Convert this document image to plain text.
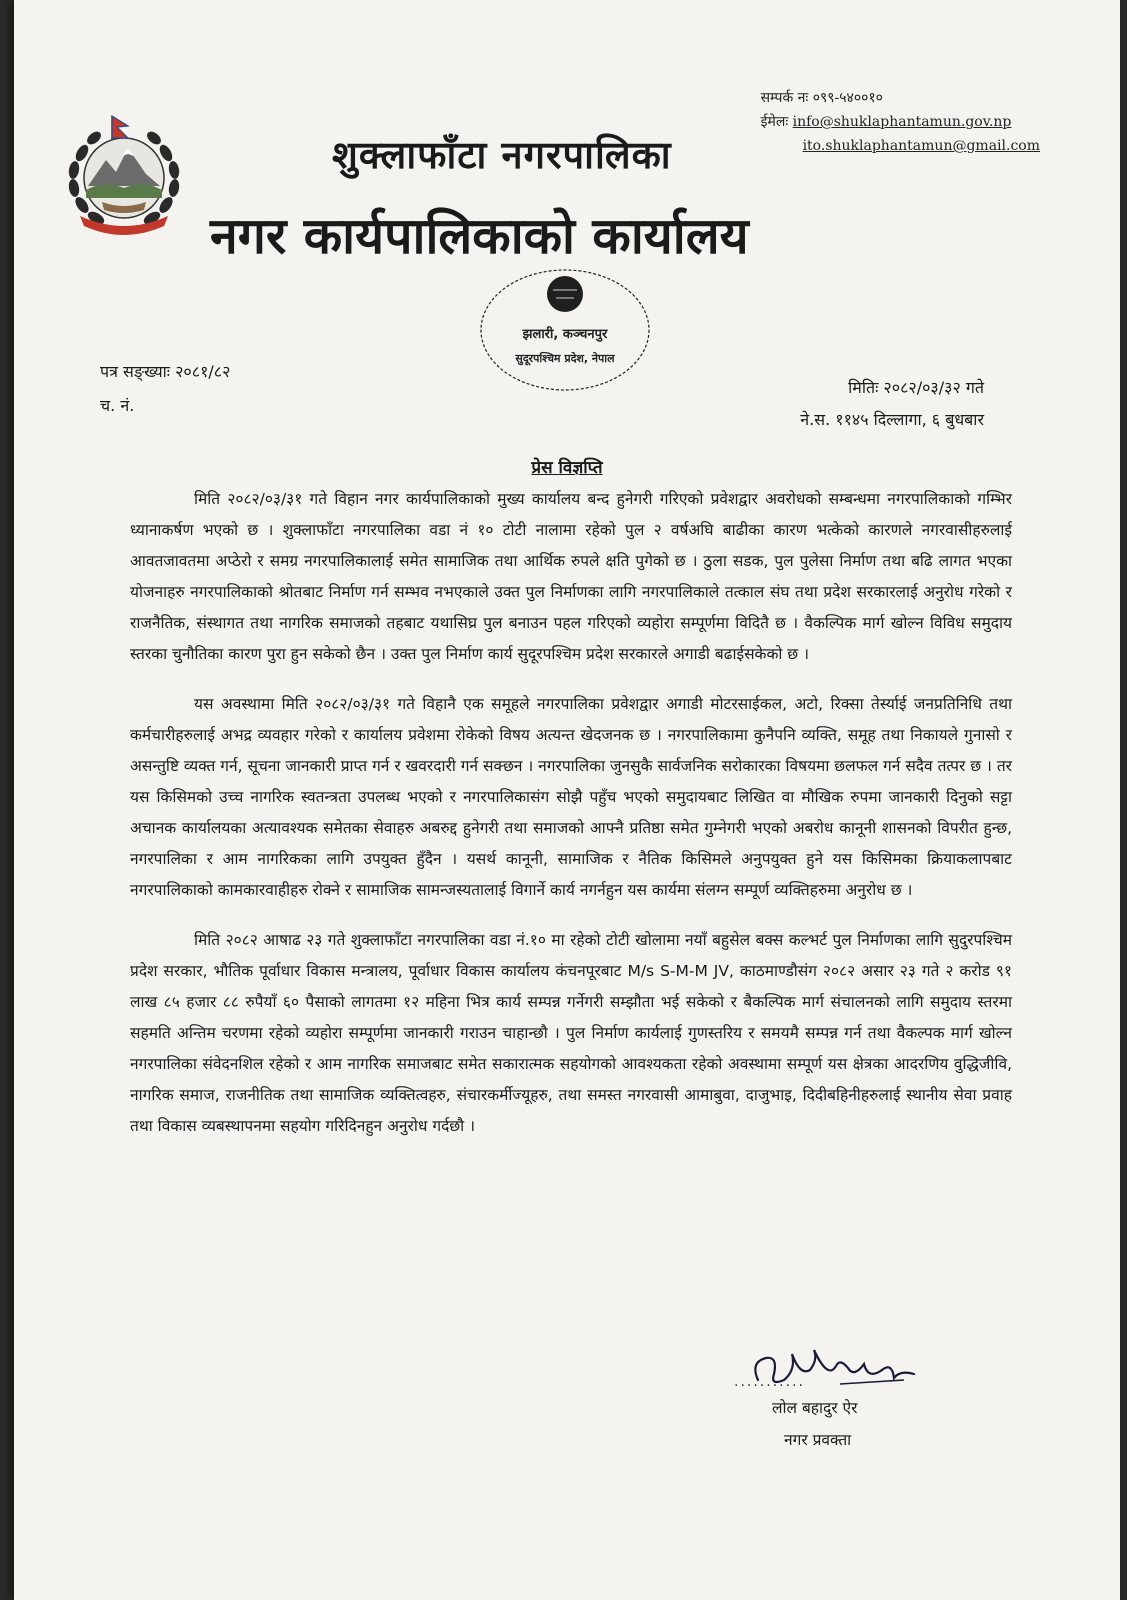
सम्पर्क नः ०९९-५४००१०
ईमेलः info@shuklaphantamun.gov.np
ito.shuklaphantamun@gmail.com
शुक्लाफाँटा नगरपालिका
नगर कार्यपालिकाको कार्यालय
झलारी, कञ्चनपुर
सुदूरपश्चिम प्रदेश, नेपाल
पत्र सङ्ख्याः २०८१/८२
च. नं.
मितिः २०८२/०३/३२ गते
ने.स. ११४५ दिल्लागा, ६ बुधबार
प्रेस विज्ञप्ति

मिति २०८२/०३/३१ गते विहान नगर कार्यपालिकाको मुख्य कार्यालय बन्द हुनेगरी गरिएको प्रवेशद्वार अवरोधको सम्बन्धमा नगरपालिकाको गम्भिर ध्यानाकर्षण भएको छ । शुक्लाफाँटा नगरपालिका वडा नं १० टोटी नालामा रहेको पुल २ वर्षअघि बाढीका कारण भत्केको कारणले नगरवासीहरुलाई आवतजावतमा अप्ठेरो र समग्र नगरपालिकालाई समेत सामाजिक तथा आर्थिक रुपले क्षति पुगेको छ । ठुला सडक, पुल पुलेसा निर्माण तथा बढि लागत भएका योजनाहरु नगरपालिकाको श्रोतबाट निर्माण गर्न सम्भव नभएकाले उक्त पुल निर्माणका लागि नगरपालिकाले तत्काल संघ तथा प्रदेश सरकारलाई अनुरोध गरेको र राजनैतिक, संस्थागत तथा नागरिक समाजको तहबाट यथासिघ्र पुल बनाउन पहल गरिएको व्यहोरा सम्पूर्णमा विदितै छ । वैकल्पिक मार्ग खोल्न विविध समुदाय स्तरका चुनौतिका कारण पुरा हुन सकेको छैन । उक्त पुल निर्माण कार्य सुदूरपश्चिम प्रदेश सरकारले अगाडी बढाईसकेको छ ।

यस अवस्थामा मिति २०८२/०३/३१ गते विहानै एक समूहले नगरपालिका प्रवेशद्वार अगाडी मोटरसाईकल, अटो, रिक्सा तेर्स्याई जनप्रतिनिधि तथा कर्मचारीहरुलाई अभद्र व्यवहार गरेको र कार्यालय प्रवेशमा रोकेको विषय अत्यन्त खेदजनक छ । नगरपालिकामा कुनैपनि व्यक्ति, समूह तथा निकायले गुनासो र असन्तुष्टि व्यक्त गर्न, सूचना जानकारी प्राप्त गर्न र खवरदारी गर्न सक्छन । नगरपालिका जुनसुकै सार्वजनिक सरोकारका विषयमा छलफल गर्न सदैव तत्पर छ । तर यस किसिमको उच्च नागरिक स्वतन्त्रता उपलब्ध भएको र नगरपालिकासंग सोझै पहुँच भएको समुदायबाट लिखित वा मौखिक रुपमा जानकारी दिनुको सट्टा अचानक कार्यालयका अत्यावश्यक समेतका सेवाहरु अबरुद्द हुनेगरी तथा समाजको आफ्नै प्रतिष्ठा समेत गुम्नेगरी भएको अबरोध कानूनी शासनको विपरीत हुन्छ, नगरपालिका र आम नागरिकका लागि उपयुक्त हुँदैन । यसर्थ कानूनी, सामाजिक र नैतिक किसिमले अनुपयुक्त हुने यस किसिमका क्रियाकलापबाट नगरपालिकाको कामकारवाहीहरु रोक्ने र सामाजिक सामन्जस्यतालाई विगार्ने कार्य नगर्नहुन यस कार्यमा संलग्न सम्पूर्ण व्यक्तिहरुमा अनुरोध छ ।

मिति २०८२ आषाढ २३ गते शुक्लाफाँटा नगरपालिका वडा नं.१० मा रहेको टोटी खोलामा नयाँ बहुसेल बक्स कल्भर्ट पुल निर्माणका लागि सुदुरपश्चिम प्रदेश सरकार, भौतिक पूर्वाधार विकास मन्त्रालय, पूर्वाधार विकास कार्यालय कंचनपूरबाट M/s S-M-M JV, काठमाण्डौसंग २०८२ असार २३ गते २ करोड ९१ लाख ८५ हजार ८८ रुपैयाँ ६० पैसाको लागतमा १२ महिना भित्र कार्य सम्पन्न गर्नेगरी सम्झौता भई सकेको र बैकल्पिक मार्ग संचालनको लागि समुदाय स्तरमा सहमति अन्तिम चरणमा रहेको व्यहोरा सम्पूर्णमा जानकारी गराउन चाहान्छौ । पुल निर्माण कार्यलाई गुणस्तरिय र समयमै सम्पन्न गर्न तथा वैकल्पक मार्ग खोल्न नगरपालिका संवेदनशिल रहेको र आम नागरिक समाजबाट समेत सकारात्मक सहयोगको आवश्यकता रहेको अवस्थामा सम्पूर्ण यस क्षेत्रका आदरणिय वुद्धिजीवि, नागरिक समाज, राजनीतिक तथा सामाजिक व्यक्तित्वहरु, संचारकर्मीज्यूहरु, तथा समस्त नगरवासी आमाबुवा, दाजुभाइ, दिदीबहिनीहरुलाई स्थानीय सेवा प्रवाह तथा विकास व्यबस्थापनमा सहयोग गरिदिनहुन अनुरोध गर्दछौ ।

...........
लोल बहादुर ऐर
नगर प्रवक्ता
